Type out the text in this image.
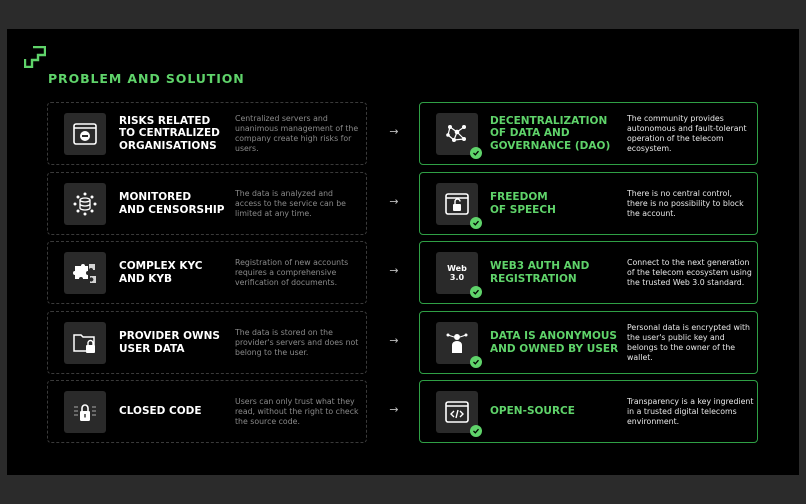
PROBLEM AND SOLUTION
RISKS RELATED
TO CENTRALIZED
ORGANISATIONS
Centralized servers and unanimous management of the company create high risks for users.
→
DECENTRALIZATION
OF DATA AND
GOVERNANCE (DAO)
The community provides autonomous and fault-tolerant operation of the telecom ecosystem.
MONITORED
AND CENSORSHIP
The data is analyzed and access to the service can be limited at any time.
→	FREEDOM
OF SPEECH
There is no central control, there is no possibility to block the account.
COMPLEX KYC
AND KYB
Registration of new accounts requires a comprehensive verification of documents.
→	Web
3.0
WEB3 AUTH AND
REGISTRATION
Connect to the next generation of the telecom ecosystem using the trusted Web 3.0 standard.
PROVIDER OWNS
USER DATA
The data is stored on the provider's servers and does not belong to the user.
→	DATA IS ANONYMOUS
AND OWNED BY USER
Personal data is encrypted with the user's public key and belongs to the owner of the wallet.
CLOSED CODE
Users can only trust what they read, without the right to check the source code.
→	OPEN-SOURCE
Transparency is a key ingredient in a trusted digital telecoms environment.
